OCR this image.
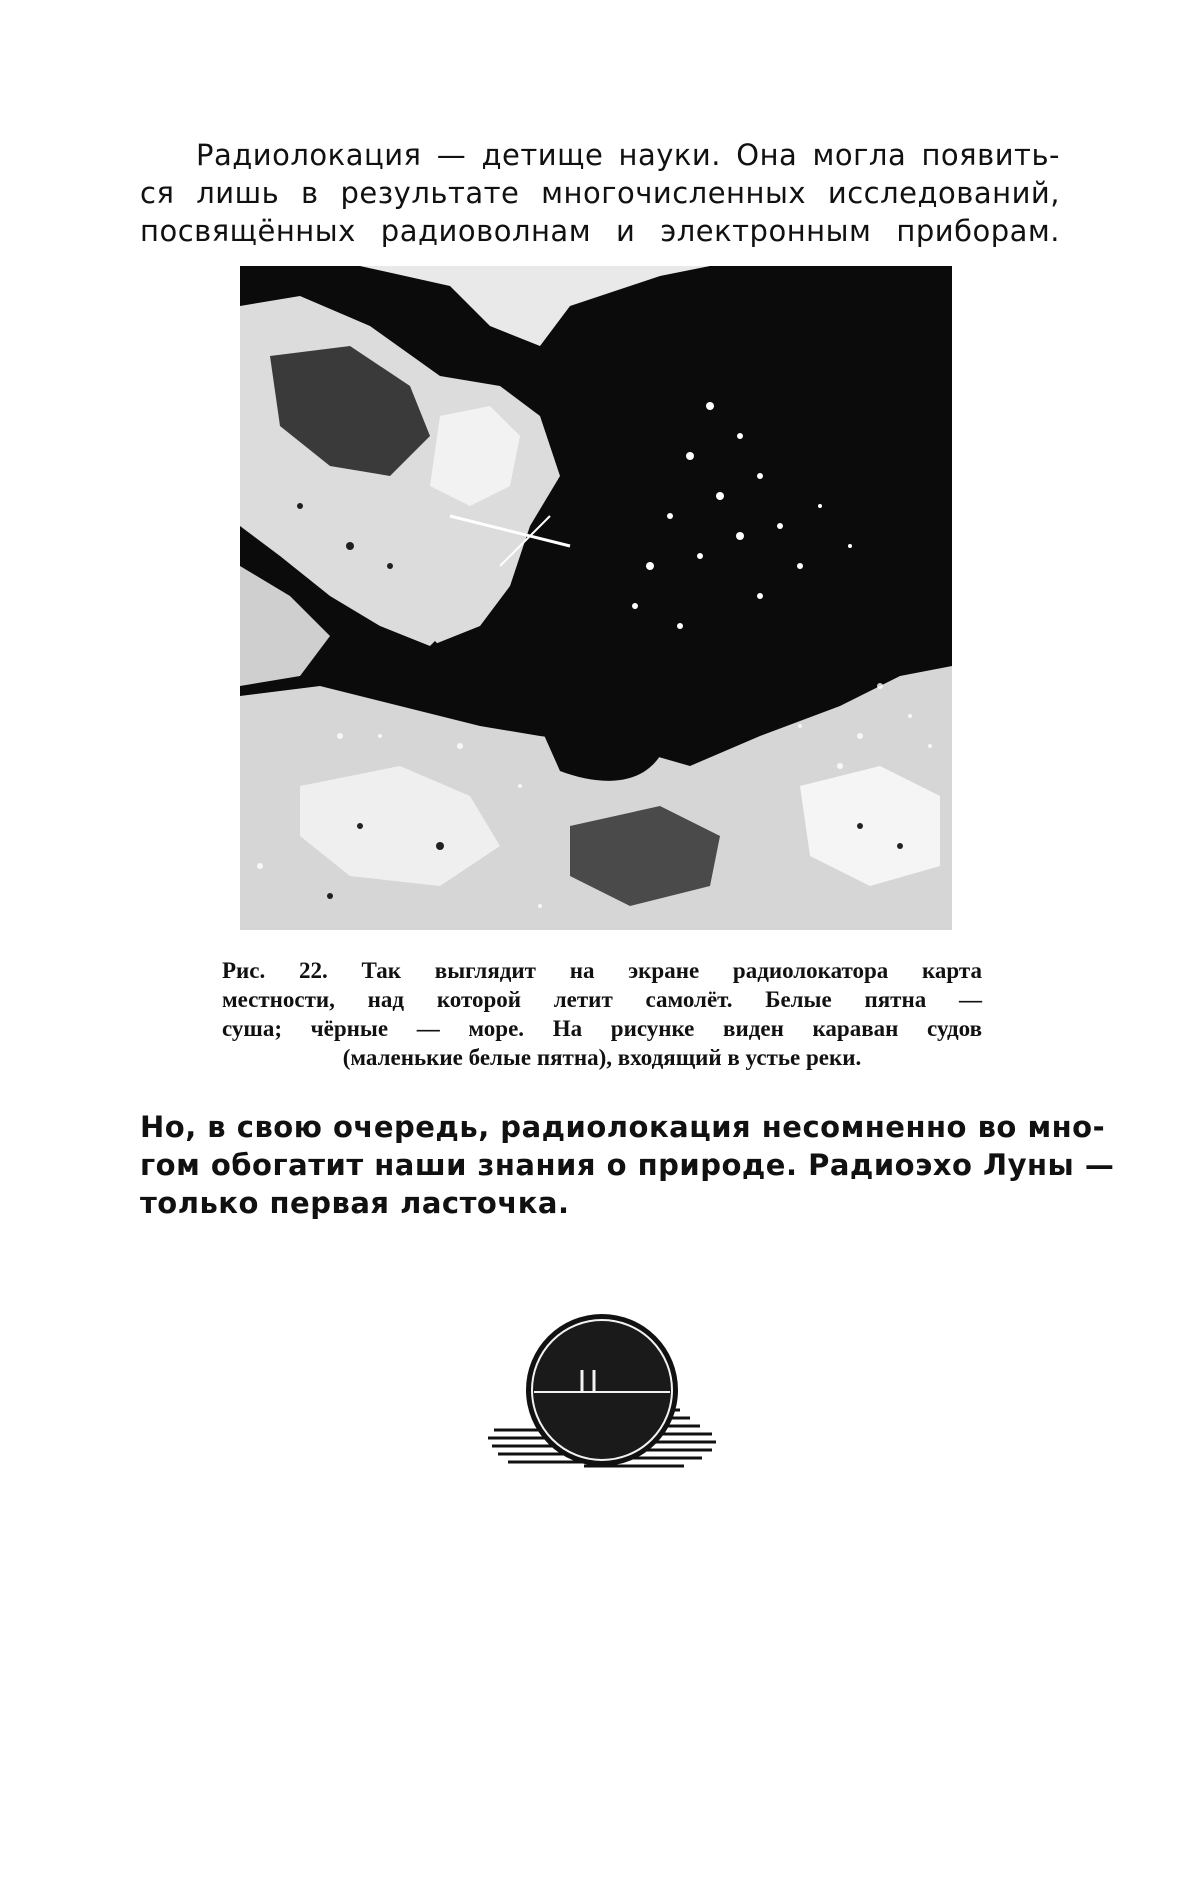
Радиолокация — детище науки. Она могла появить-
ся лишь в результате многочисленных исследований,
посвящённых радиоволнам и электронным приборам.
Рис. 22. Так выглядит на экране радиолокатора карта
местности, над которой летит самолёт. Белые пятна —
суша; чёрные — море. На рисунке виден караван судов
(маленькие белые пятна), входящий в устье реки.
Но, в свою очередь, радиолокация несомненно во мно-
гом обогатит наши знания о природе. Радиоэхо Луны —
только первая ласточка.
